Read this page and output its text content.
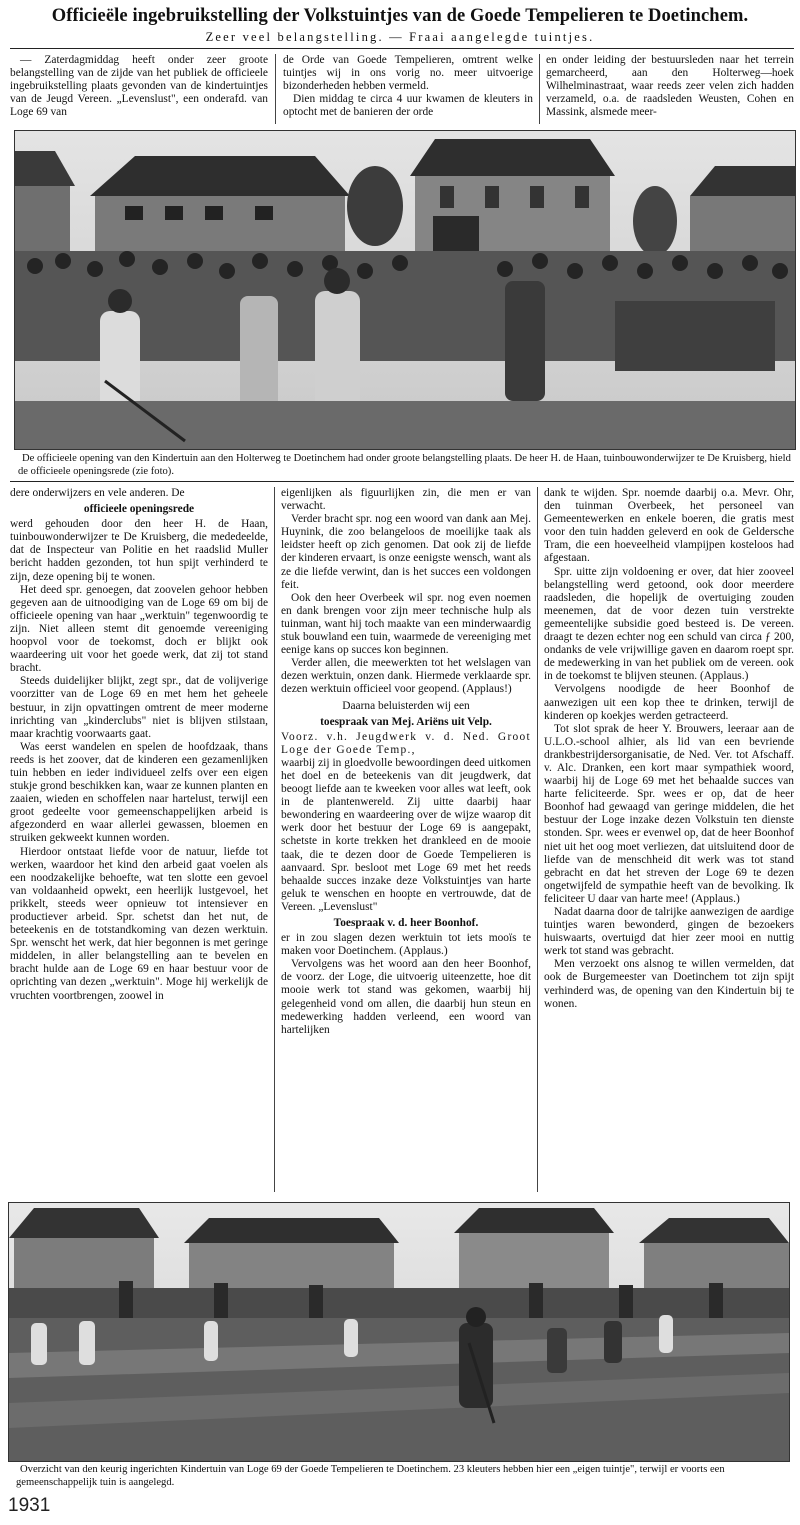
Officieële ingebruikstelling der Volkstuintjes van de Goede Tempelieren te Doetinchem.
Zeer veel belangstelling. — Fraai aangelegde tuintjes.

— Zaterdagmiddag heeft onder zeer groote belangstelling van de zijde van het publiek de officieele ingebruikstelling plaats gevonden van de kindertuintjes van de Jeugd Vereen. „Levenslust", een onderafd. van Loge 69 van

de Orde van Goede Tempelieren, omtrent welke tuintjes wij in ons vorig no. meer uitvoerige bizonderheden hebben vermeld.

Dien middag te circa 4 uur kwamen de kleuters in optocht met de banieren der orde

en onder leiding der bestuursleden naar het terrein gemarcheerd, aan den Holterweg—hoek Wilhelminastraat, waar reeds zeer velen zich hadden verzameld, o.a. de raadsleden Weusten, Cohen en Massink, alsmede meer-

De officieele opening van den Kindertuin aan den Holterweg te Doetinchem had onder groote belangstelling plaats. De heer H. de Haan, tuinbouwonderwijzer te De Kruisberg, hield de officieele openingsrede (zie foto).

dere onderwijzers en vele anderen. De

officieele openingsrede

werd gehouden door den heer H. de Haan, tuinbouwonderwijzer te De Kruisberg, die mededeelde, dat de Inspecteur van Politie en het raadslid Muller bericht hadden gezonden, tot hun spijt verhinderd te zijn, deze opening bij te wonen.

Het deed spr. genoegen, dat zoovelen gehoor hebben gegeven aan de uitnoodiging van de Loge 69 om bij de officieele opening van haar „werktuin" tegenwoordig te zijn. Niet alleen stemt dit genoemde vereeniging hoopvol voor de toekomst, doch er blijkt ook waardeering uit voor het goede werk, dat zij tot stand bracht.

Steeds duidelijker blijkt, zegt spr., dat de volijverige voorzitter van de Loge 69 en met hem het geheele bestuur, in zijn opvattingen omtrent de meer moderne inrichting van „kinderclubs" niet is blijven stilstaan, maar krachtig voorwaarts gaat.

Was eerst wandelen en spelen de hoofdzaak, thans reeds is het zoover, dat de kinderen een gezamenlijken tuin hebben en ieder individueel zelfs over een eigen stukje grond beschikken kan, waar ze kunnen planten en zaaien, wieden en schoffelen naar hartelust, terwijl een groot gedeelte voor gemeenschappelijken arbeid is afgezonderd en waar allerlei gewassen, bloemen en struiken gekweekt kunnen worden.

Hierdoor ontstaat liefde voor de natuur, liefde tot werken, waardoor het kind den arbeid gaat voelen als een noodzakelijke behoefte, wat ten slotte een gevoel van voldaanheid opwekt, een heerlijk lustgevoel, het prikkelt, steeds weer opnieuw tot intensiever en productiever arbeid. Spr. schetst dan het nut, de beteekenis en de totstandkoming van dezen werktuin. Spr. wenscht het werk, dat hier begonnen is met geringe middelen, in aller belangstelling aan te bevelen en bracht hulde aan de Loge 69 en haar bestuur voor de oprichting van dezen „werktuin". Moge hij werkelijk de vruchten voortbrengen, zoowel in

eigenlijken als figuurlijken zin, die men er van verwacht.

Verder bracht spr. nog een woord van dank aan Mej. Huynink, die zoo belangeloos de moeilijke taak als leidster heeft op zich genomen. Dat ook zij de liefde der kinderen ervaart, is onze eenigste wensch, want als ze die liefde verwint, dan is het succes een voldongen feit.

Ook den heer Overbeek wil spr. nog even noemen en dank brengen voor zijn meer technische hulp als tuinman, want hij toch maakte van een minderwaardig stuk bouwland een tuin, waarmede de vereeniging met eenige kans op succes kon beginnen.

Verder allen, die meewerkten tot het welslagen van dezen werktuin, onzen dank. Hiermede verklaarde spr. dezen werktuin officieel voor geopend. (Applaus!)

Daarna beluisterden wij een

toespraak van Mej. Ariëns uit Velp.

Voorz. v.h. Jeugdwerk v. d. Ned. Groot Loge der Goede Temp.,

waarbij zij in gloedvolle bewoordingen deed uitkomen het doel en de beteekenis van dit jeugdwerk, dat beoogt liefde aan te kweeken voor alles wat leeft, ook in de plantenwereld. Zij uitte daarbij haar bewondering en waardeering over de wijze waarop dit werk door het bestuur der Loge 69 is aangepakt, schetste in korte trekken het drankleed en de mooie taak, die te dezen door de Goede Tempelieren is aanvaard. Spr. besloot met Loge 69 met het reeds behaalde succes inzake deze Volkstuintjes van harte geluk te wenschen en hoopte en vertrouwde, dat de Vereen. „Levenslust"

Toespraak v. d. heer Boonhof.

er in zou slagen dezen werktuin tot iets mooïs te maken voor Doetinchem. (Applaus.)

Vervolgens was het woord aan den heer Boonhof, de voorz. der Loge, die uitvoerig uiteenzette, hoe dit mooie werk tot stand was gekomen, waarbij hij gelegenheid vond om allen, die daarbij hun steun en medewerking hadden verleend, een woord van hartelijken

dank te wijden. Spr. noemde daarbij o.a. Mevr. Ohr, den tuinman Overbeek, het personeel van Gemeentewerken en enkele boeren, die gratis mest voor den tuin hadden geleverd en ook de Geldersche Tram, die een hoeveelheid vlampijpen kosteloos had afgestaan.

Spr. uitte zijn voldoening er over, dat hier zooveel belangstelling werd getoond, ook door meerdere raadsleden, die hopelijk de overtuiging zouden meenemen, dat de voor dezen tuin verstrekte gemeentelijke subsidie goed besteed is. De vereen. draagt te dezen echter nog een schuld van circa ƒ 200, ondanks de vele vrijwillige gaven en daarom roept spr. de medewerking in van het publiek om de vereen. ook in de toekomst te blijven steunen. (Applaus.)

Vervolgens noodigde de heer Boonhof de aanwezigen uit een kop thee te drinken, terwijl de kinderen op koekjes werden getracteerd.

Tot slot sprak de heer Y. Brouwers, leeraar aan de U.L.O.-school alhier, als lid van een bevriende drankbestrijdersorganisatie, de Ned. Ver. tot Afschaff. v. Alc. Dranken, een kort maar sympathiek woord, waarbij hij de Loge 69 met het behaalde succes van harte feliciteerde. Spr. wees er op, dat de heer Boonhof had gewaagd van geringe middelen, die het bestuur der Loge inzake dezen Volkstuin ten dienste stonden. Spr. wees er evenwel op, dat de heer Boonhof niet uit het oog moet verliezen, dat uitsluitend door de liefde van de menschheid dit werk was tot stand gebracht en dat het streven der Loge 69 te dezen ongetwijfeld de sympathie heeft van de bevolking. Ik feliciteer U daar van harte mee! (Applaus.)

Nadat daarna door de talrijke aanwezigen de aardige tuintjes waren bewonderd, gingen de bezoekers huiswaarts, overtuigd dat hier zeer mooi en nuttig werk tot stand was gebracht.

Men verzoekt ons alsnog te willen vermelden, dat ook de Burgemeester van Doetinchem tot zijn spijt verhinderd was, de opening van den Kindertuin bij te wonen.

Overzicht van den keurig ingerichten Kindertuin van Loge 69 der Goede Tempelieren te Doetinchem. 23 kleuters hebben hier een „eigen tuintje", terwijl er voorts een gemeenschappelijk tuin is aangelegd.
1931
